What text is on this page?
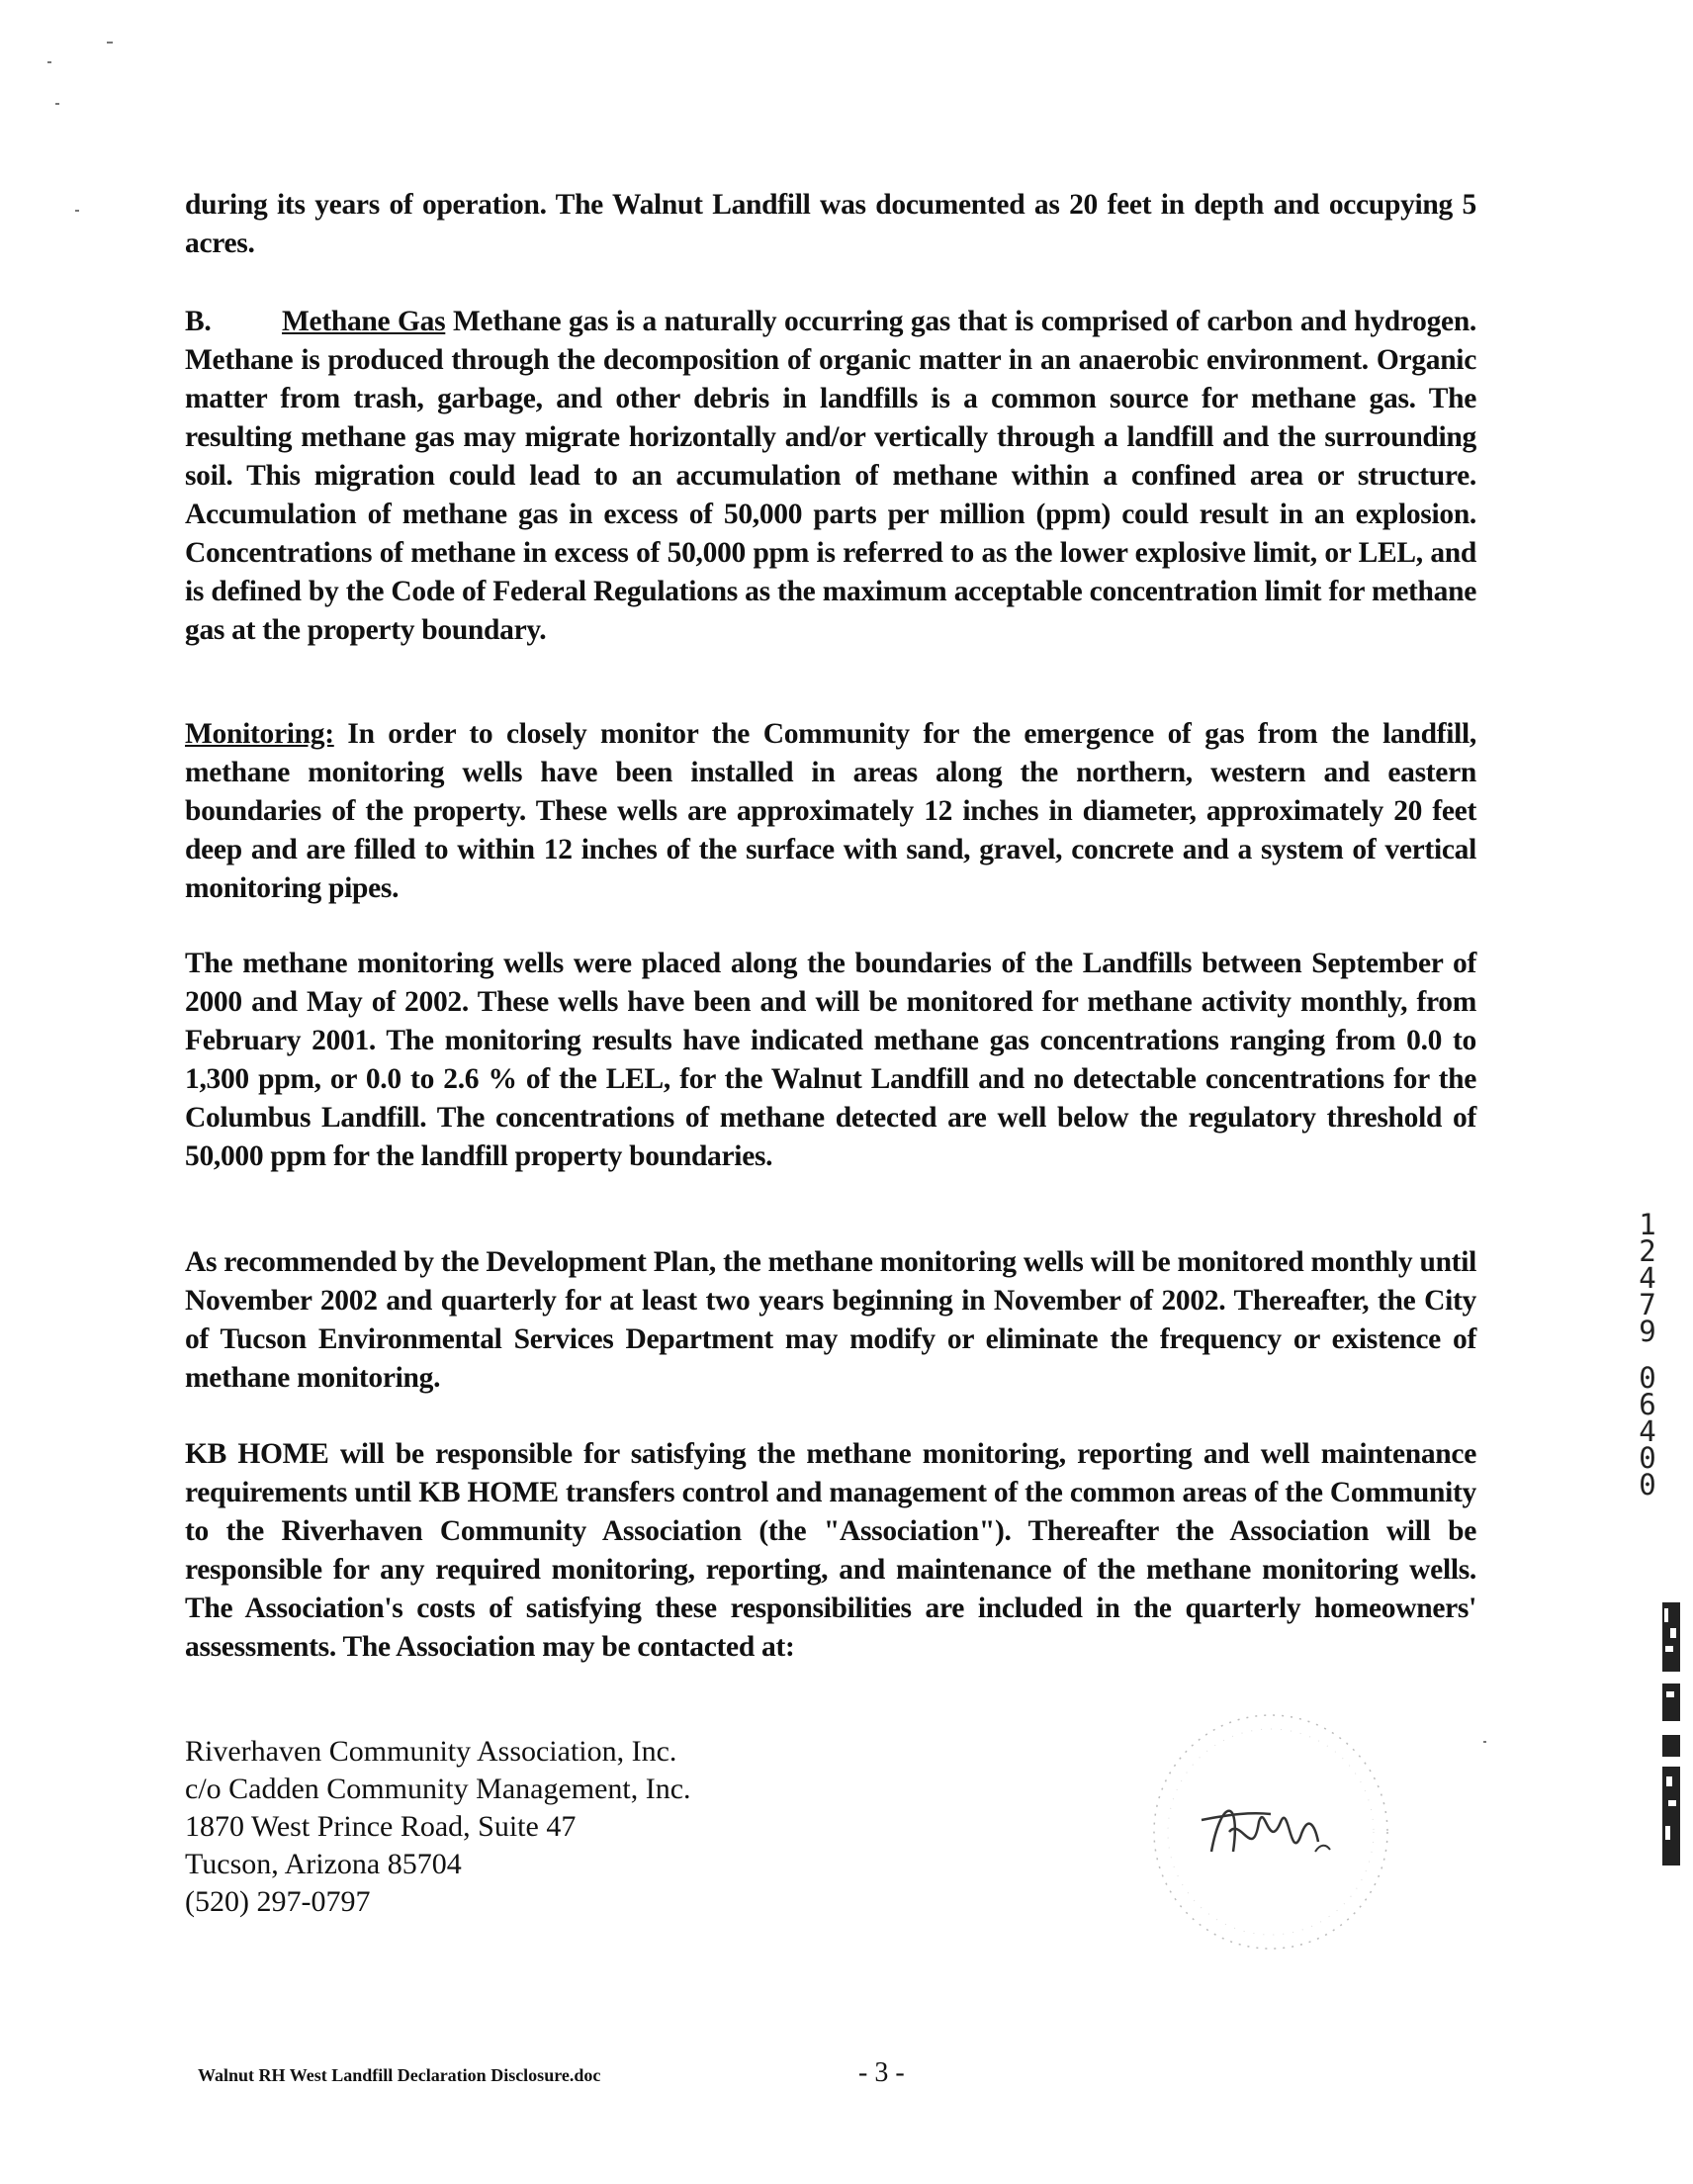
during its years of operation. The Walnut Landfill was documented as 20 feet in depth and occupying 5 acres.
B. Methane Gas Methane gas is a naturally occurring gas that is comprised of carbon and hydrogen. Methane is produced through the decomposition of organic matter in an anaerobic environment. Organic matter from trash, garbage, and other debris in landfills is a common source for methane gas. The resulting methane gas may migrate horizontally and/or vertically through a landfill and the surrounding soil. This migration could lead to an accumulation of methane within a confined area or structure. Accumulation of methane gas in excess of 50,000 parts per million (ppm) could result in an explosion. Concentrations of methane in excess of 50,000 ppm is referred to as the lower explosive limit, or LEL, and is defined by the Code of Federal Regulations as the maximum acceptable concentration limit for methane gas at the property boundary.
Monitoring: In order to closely monitor the Community for the emergence of gas from the landfill, methane monitoring wells have been installed in areas along the northern, western and eastern boundaries of the property. These wells are approximately 12 inches in diameter, approximately 20 feet deep and are filled to within 12 inches of the surface with sand, gravel, concrete and a system of vertical monitoring pipes.
The methane monitoring wells were placed along the boundaries of the Landfills between September of 2000 and May of 2002. These wells have been and will be monitored for methane activity monthly, from February 2001. The monitoring results have indicated methane gas concentrations ranging from 0.0 to 1,300 ppm, or 0.0 to 2.6 % of the LEL, for the Walnut Landfill and no detectable concentrations for the Columbus Landfill. The concentrations of methane detected are well below the regulatory threshold of 50,000 ppm for the landfill property boundaries.
As recommended by the Development Plan, the methane monitoring wells will be monitored monthly until November 2002 and quarterly for at least two years beginning in November of 2002. Thereafter, the City of Tucson Environmental Services Department may modify or eliminate the frequency or existence of methane monitoring.
KB HOME will be responsible for satisfying the methane monitoring, reporting and well maintenance requirements until KB HOME transfers control and management of the common areas of the Community to the Riverhaven Community Association (the "Association"). Thereafter the Association will be responsible for any required monitoring, reporting, and maintenance of the methane monitoring wells. The Association's costs of satisfying these responsibilities are included in the quarterly homeowners' assessments. The Association may be contacted at:
Riverhaven Community Association, Inc.
c/o Cadden Community Management, Inc.
1870 West Prince Road, Suite 47
Tucson, Arizona 85704
(520) 297-0797
1
2
4
7
9
0
6
4
0
0
Walnut RH West Landfill Declaration Disclosure.doc	- 3 -
